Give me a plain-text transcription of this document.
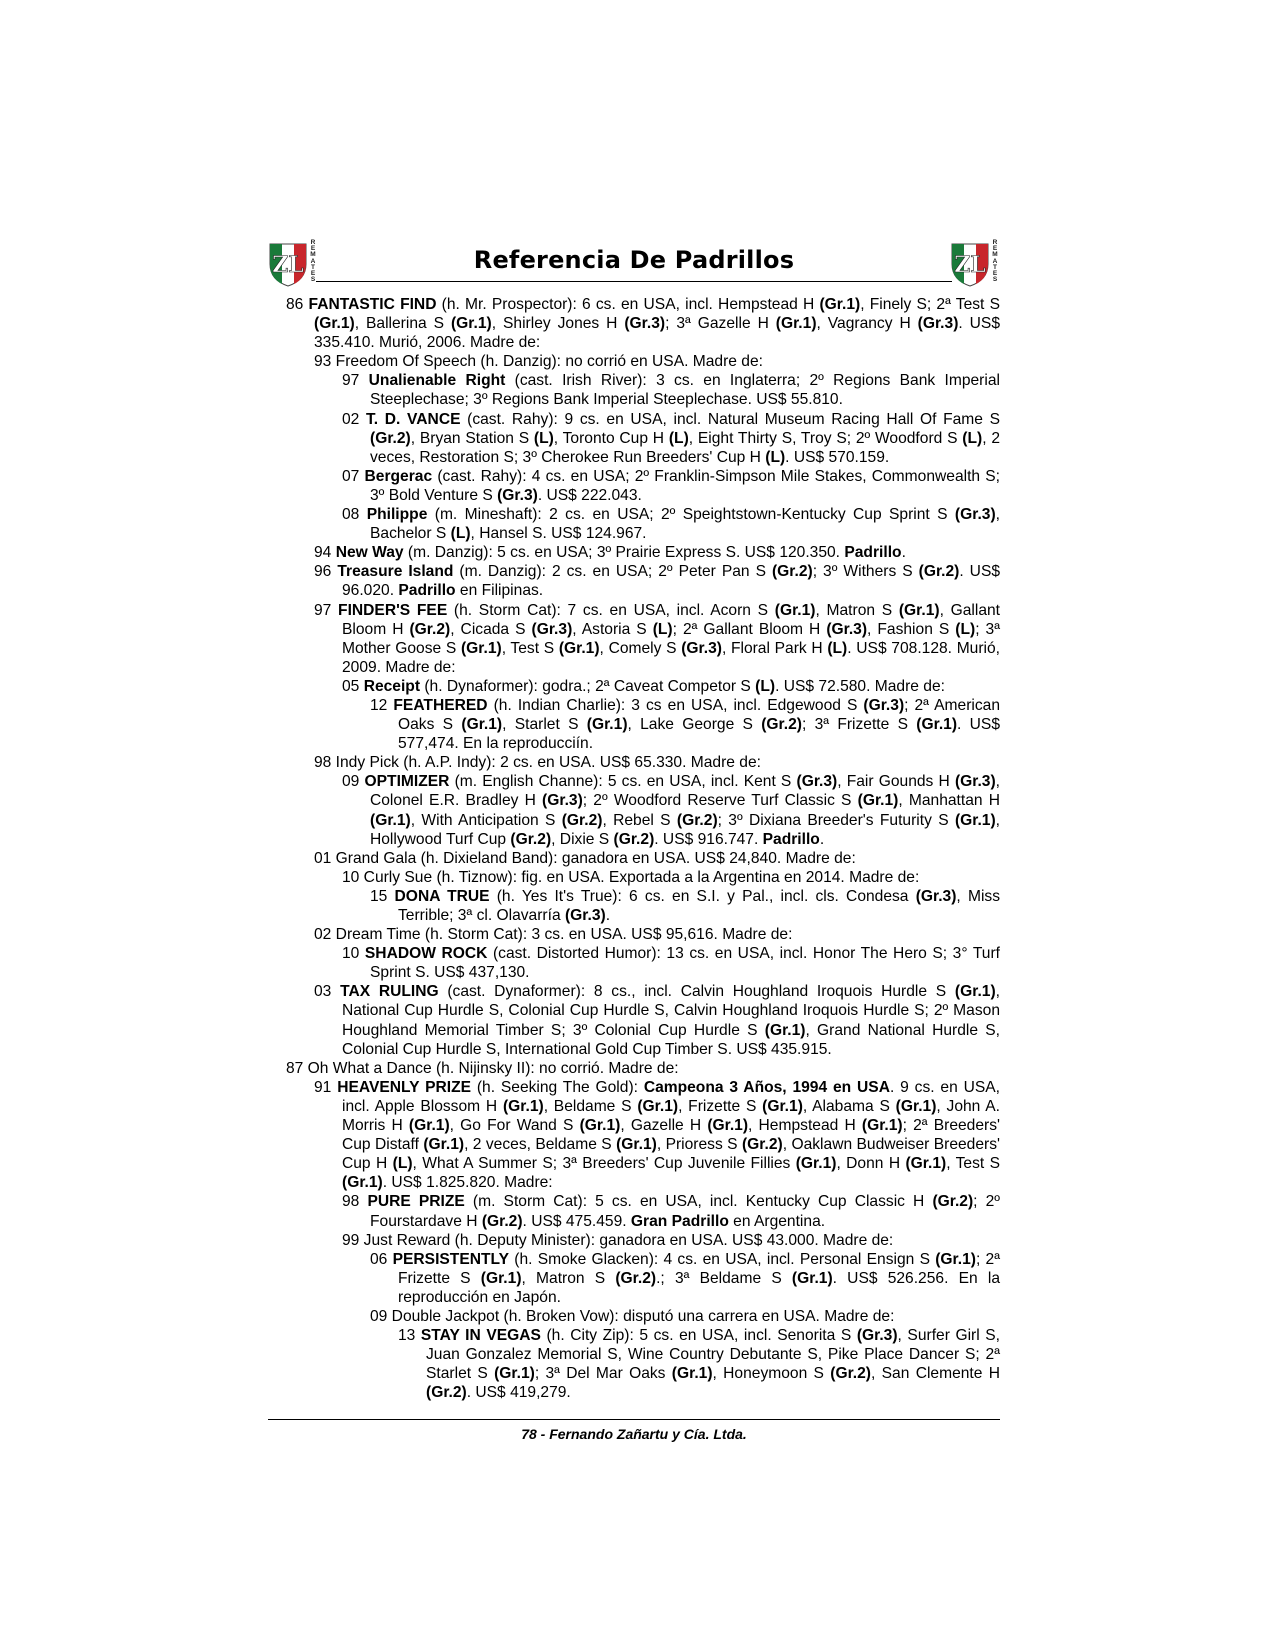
ZL
R
E
M
A
T
E
S
Referencia De Padrillos	ZL
R
E
M
A
T
E
S

86 FANTASTIC FIND (h. Mr. Prospector): 6 cs. en USA, incl. Hempstead H (Gr.1), Finely S; 2ª Test S (Gr.1), Ballerina S (Gr.1), Shirley Jones H (Gr.3); 3ª Gazelle H (Gr.1), Vagrancy H (Gr.3). US$ 335.410. Murió, 2006. Madre de:

93 Freedom Of Speech (h. Danzig): no corrió en USA. Madre de:

97 Unalienable Right (cast. Irish River): 3 cs. en Inglaterra; 2º Regions Bank Imperial Steeplechase; 3º Regions Bank Imperial Steeplechase. US$ 55.810.

02 T. D. VANCE (cast. Rahy): 9 cs. en USA, incl. Natural Museum Racing Hall Of Fame S (Gr.2), Bryan Station S (L), Toronto Cup H (L), Eight Thirty S, Troy S; 2º Woodford S (L), 2 veces, Restoration S; 3º Cherokee Run Breeders' Cup H (L). US$ 570.159.

07 Bergerac (cast. Rahy): 4 cs. en USA; 2º Franklin-Simpson Mile Stakes, Commonwealth S; 3º Bold Venture S (Gr.3). US$ 222.043.

08 Philippe (m. Mineshaft): 2 cs. en USA; 2º Speightstown-Kentucky Cup Sprint S (Gr.3), Bachelor S (L), Hansel S. US$ 124.967.

94 New Way (m. Danzig): 5 cs. en USA; 3º Prairie Express S. US$ 120.350. Padrillo.

96 Treasure Island (m. Danzig): 2 cs. en USA; 2º Peter Pan S (Gr.2); 3º Withers S (Gr.2). US$ 96.020. Padrillo en Filipinas.

97 FINDER'S FEE (h. Storm Cat): 7 cs. en USA, incl. Acorn S (Gr.1), Matron S (Gr.1), Gallant Bloom H (Gr.2), Cicada S (Gr.3), Astoria S (L); 2ª Gallant Bloom H (Gr.3), Fashion S (L); 3ª Mother Goose S (Gr.1), Test S (Gr.1), Comely S (Gr.3), Floral Park H (L). US$ 708.128. Murió, 2009. Madre de:

05 Receipt (h. Dynaformer): godra.; 2ª Caveat Competor S (L). US$ 72.580. Madre de:

12 FEATHERED (h. Indian Charlie): 3 cs en USA, incl. Edgewood S (Gr.3); 2ª American Oaks S (Gr.1), Starlet S (Gr.1), Lake George S (Gr.2); 3ª Frizette S (Gr.1). US$ 577,474. En la reproducciín.

98 Indy Pick (h. A.P. Indy): 2 cs. en USA. US$ 65.330. Madre de:

09 OPTIMIZER (m. English Channe): 5 cs. en USA, incl. Kent S (Gr.3), Fair Gounds H (Gr.3), Colonel E.R. Bradley H (Gr.3); 2º Woodford Reserve Turf Classic S (Gr.1), Manhattan H (Gr.1), With Anticipation S (Gr.2), Rebel S (Gr.2); 3º Dixiana Breeder's Futurity S (Gr.1), Hollywood Turf Cup (Gr.2), Dixie S (Gr.2). US$ 916.747. Padrillo.

01 Grand Gala (h. Dixieland Band): ganadora en USA. US$ 24,840. Madre de:

10 Curly Sue (h. Tiznow): fig. en USA. Exportada a la Argentina en 2014. Madre de:

15 DONA TRUE (h. Yes It's True): 6 cs. en S.I. y Pal., incl. cls. Condesa (Gr.3), Miss Terrible; 3ª cl. Olavarría (Gr.3).

02 Dream Time (h. Storm Cat): 3 cs. en USA. US$ 95,616. Madre de:

10 SHADOW ROCK (cast. Distorted Humor): 13 cs. en USA, incl. Honor The Hero S; 3° Turf Sprint S. US$ 437,130.

03 TAX RULING (cast. Dynaformer): 8 cs., incl. Calvin Houghland Iroquois Hurdle S (Gr.1), National Cup Hurdle S, Colonial Cup Hurdle S, Calvin Houghland Iroquois Hurdle S; 2º Mason Houghland Memorial Timber S; 3º Colonial Cup Hurdle S (Gr.1), Grand National Hurdle S, Colonial Cup Hurdle S, International Gold Cup Timber S. US$ 435.915.

87 Oh What a Dance (h. Nijinsky II): no corrió. Madre de:

91 HEAVENLY PRIZE (h. Seeking The Gold): Campeona 3 Años, 1994 en USA. 9 cs. en USA, incl. Apple Blossom H (Gr.1), Beldame S (Gr.1), Frizette S (Gr.1), Alabama S (Gr.1), John A. Morris H (Gr.1), Go For Wand S (Gr.1), Gazelle H (Gr.1), Hempstead H (Gr.1); 2ª Breeders' Cup Distaff (Gr.1), 2 veces, Beldame S (Gr.1), Prioress S (Gr.2), Oaklawn Budweiser Breeders' Cup H (L), What A Summer S; 3ª Breeders' Cup Juvenile Fillies (Gr.1), Donn H (Gr.1), Test S (Gr.1). US$ 1.825.820. Madre:

98 PURE PRIZE (m. Storm Cat): 5 cs. en USA, incl. Kentucky Cup Classic H (Gr.2); 2º Fourstardave H (Gr.2). US$ 475.459. Gran Padrillo en Argentina.

99 Just Reward (h. Deputy Minister): ganadora en USA. US$ 43.000. Madre de:

06 PERSISTENTLY (h. Smoke Glacken): 4 cs. en USA, incl. Personal Ensign S (Gr.1); 2ª Frizette S (Gr.1), Matron S (Gr.2).; 3ª Beldame S (Gr.1). US$ 526.256. En la reproducción en Japón.

09 Double Jackpot (h. Broken Vow): disputó una carrera en USA. Madre de:

13 STAY IN VEGAS (h. City Zip): 5 cs. en USA, incl. Senorita S (Gr.3), Surfer Girl S, Juan Gonzalez Memorial S, Wine Country Debutante S, Pike Place Dancer S; 2ª Starlet S (Gr.1); 3ª Del Mar Oaks (Gr.1), Honeymoon S (Gr.2), San Clemente H (Gr.2). US$ 419,279.

78 - Fernando Zañartu y Cía. Ltda.
